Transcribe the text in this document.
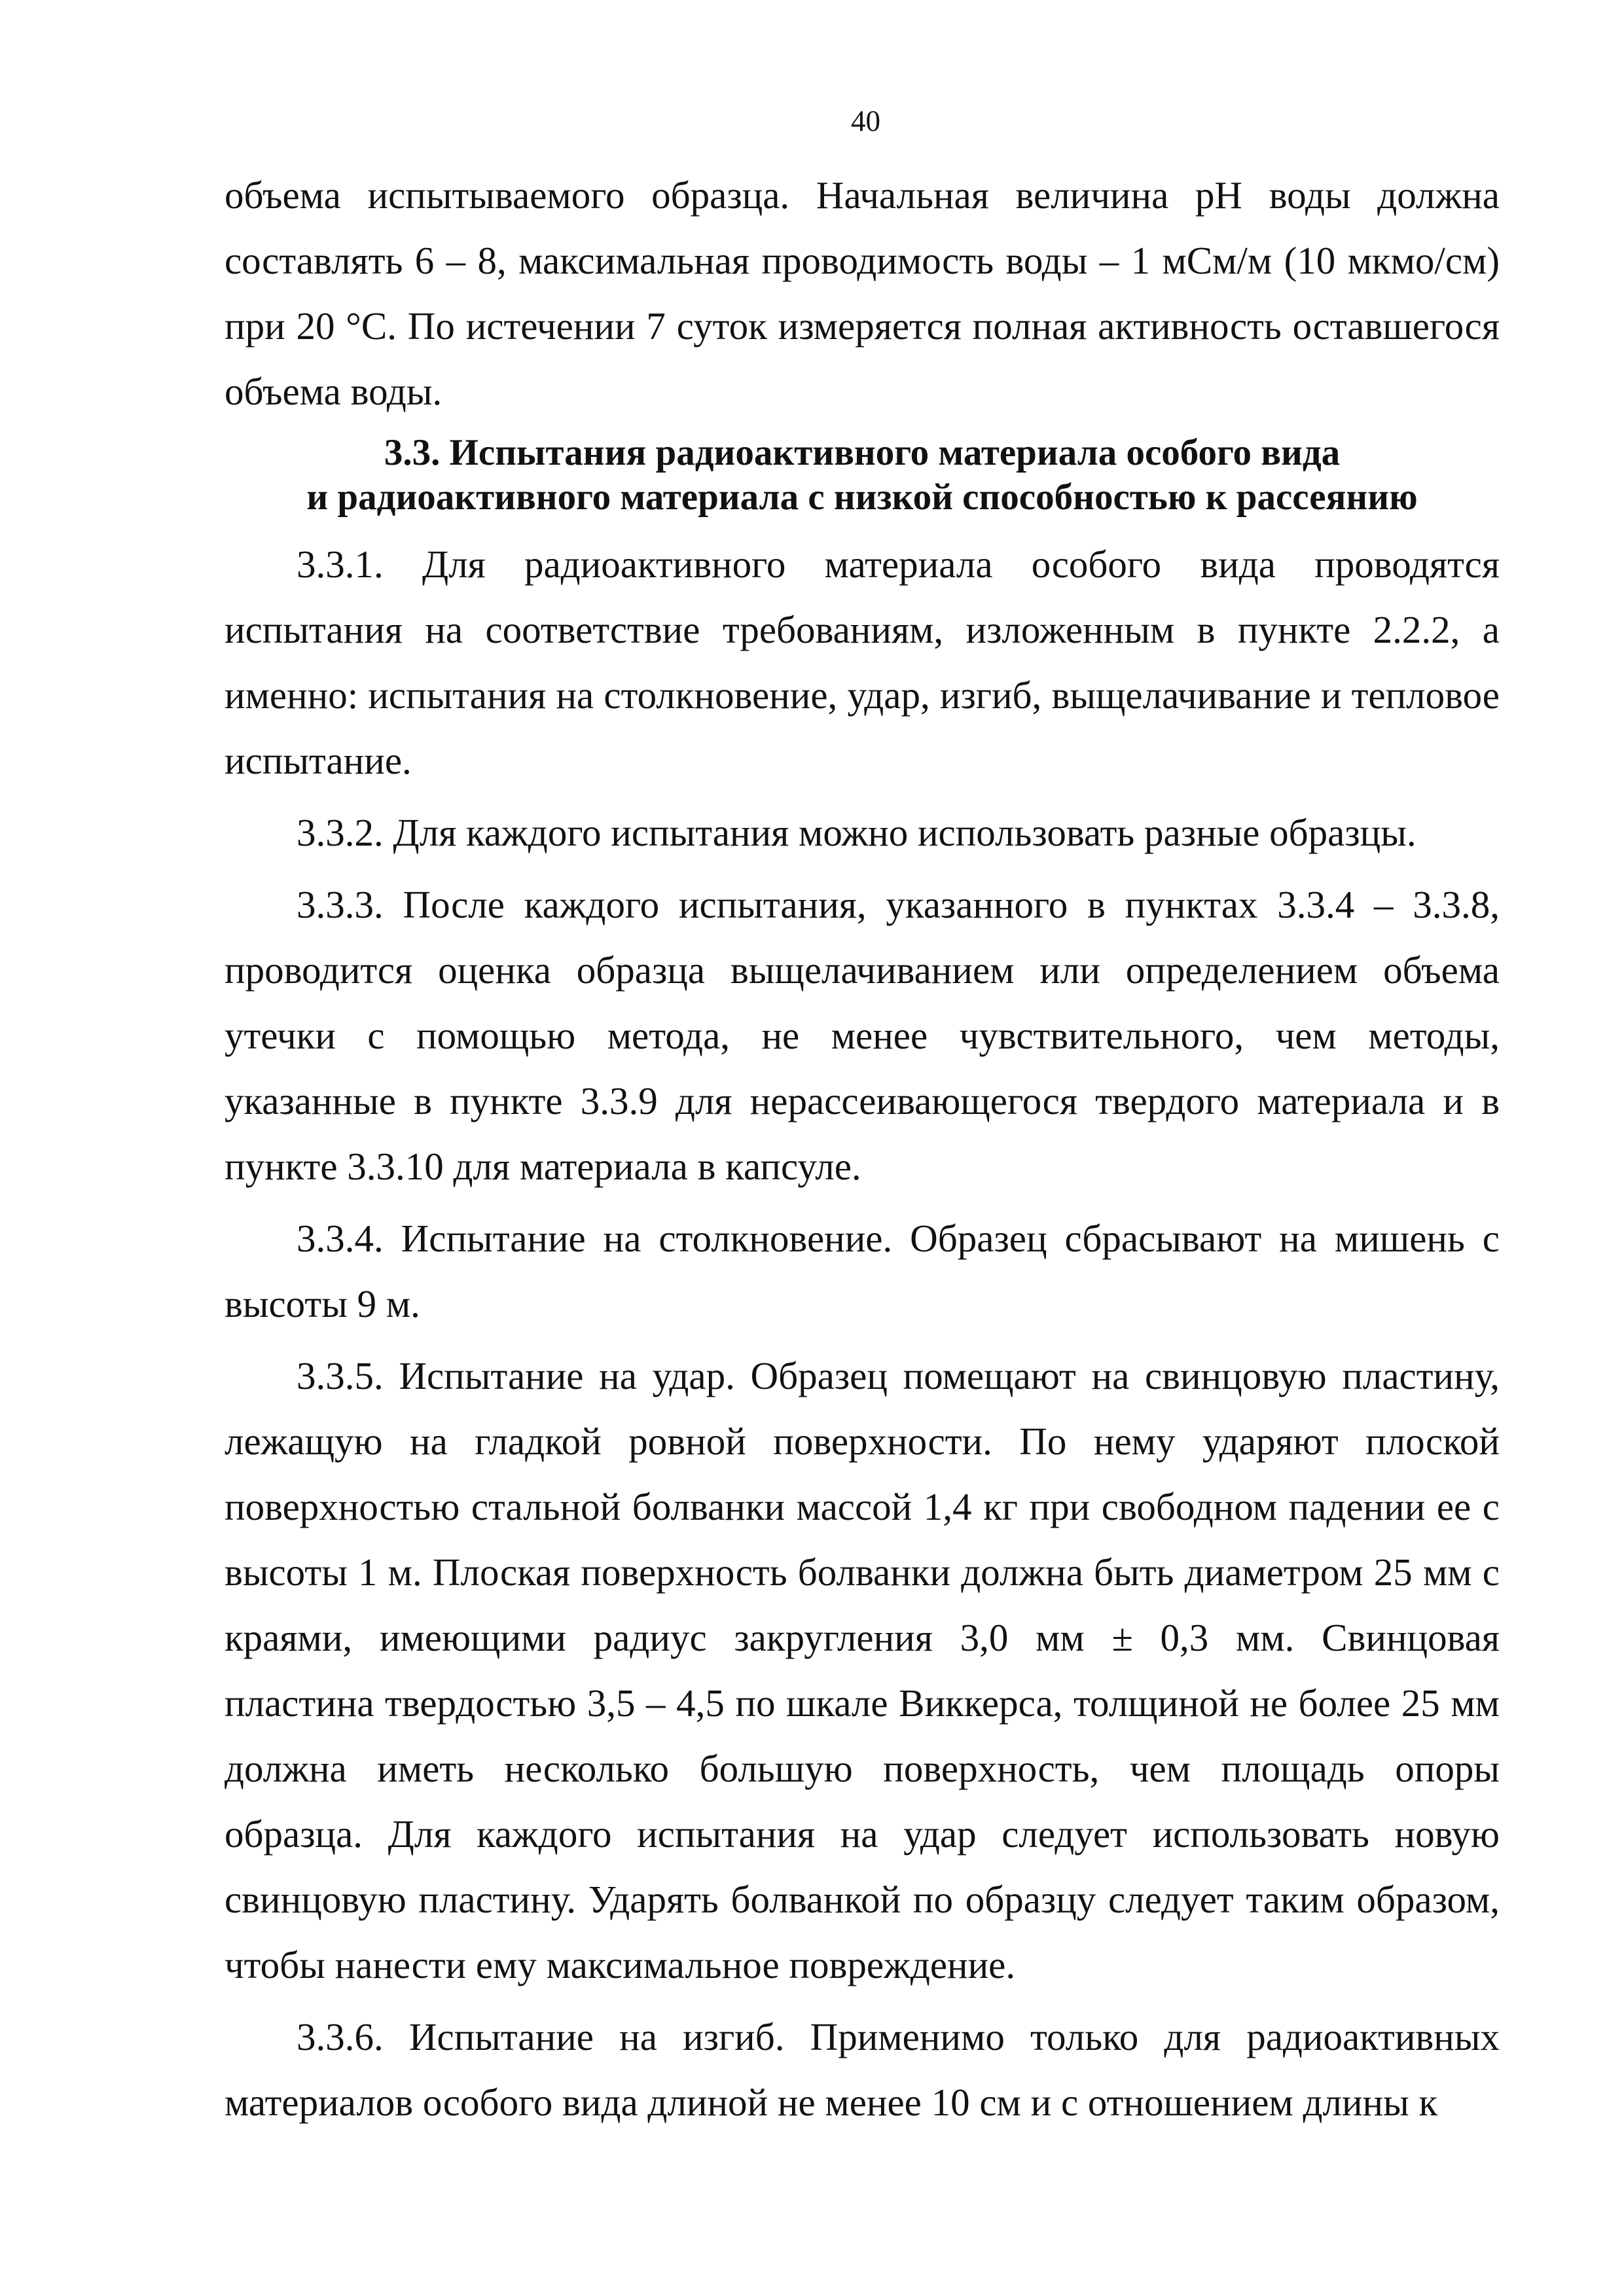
40

объема испытываемого образца. Начальная величина pH воды должна составлять 6 – 8, максимальная проводимость воды – 1 мСм/м (10 мкмо/см) при 20 °С. По истечении 7 суток измеряется полная активность оставшегося объема воды.

3.3. Испытания радиоактивного материала особого вида
и радиоактивного материала с низкой способностью к рассеянию

3.3.1. Для радиоактивного материала особого вида проводятся испытания на соответствие требованиям, изложенным в пункте 2.2.2, а именно: испытания на столкновение, удар, изгиб, выщелачивание и тепловое испытание.

3.3.2. Для каждого испытания можно использовать разные образцы.

3.3.3. После каждого испытания, указанного в пунктах 3.3.4 – 3.3.8, проводится оценка образца выщелачиванием или определением объема утечки с помощью метода, не менее чувствительного, чем методы, указанные в пункте 3.3.9 для нерассеивающегося твердого материала и в пункте 3.3.10 для материала в капсуле.

3.3.4. Испытание на столкновение. Образец сбрасывают на мишень с высоты 9 м.

3.3.5. Испытание на удар. Образец помещают на свинцовую пластину, лежащую на гладкой ровной поверхности. По нему ударяют плоской поверхностью стальной болванки массой 1,4 кг при свободном падении ее с высоты 1 м. Плоская поверхность болванки должна быть диаметром 25 мм с краями, имеющими радиус закругления 3,0 мм ± 0,3 мм. Свинцовая пластина твердостью 3,5 – 4,5 по шкале Виккерса, толщиной не более 25 мм должна иметь несколько большую поверхность, чем площадь опоры образца. Для каждого испытания на удар следует использовать новую свинцовую пластину. Ударять болванкой по образцу следует таким образом, чтобы нанести ему максимальное повреждение.

3.3.6. Испытание на изгиб. Применимо только для радиоактивных материалов особого вида длиной не менее 10 см и с отношением длины к
